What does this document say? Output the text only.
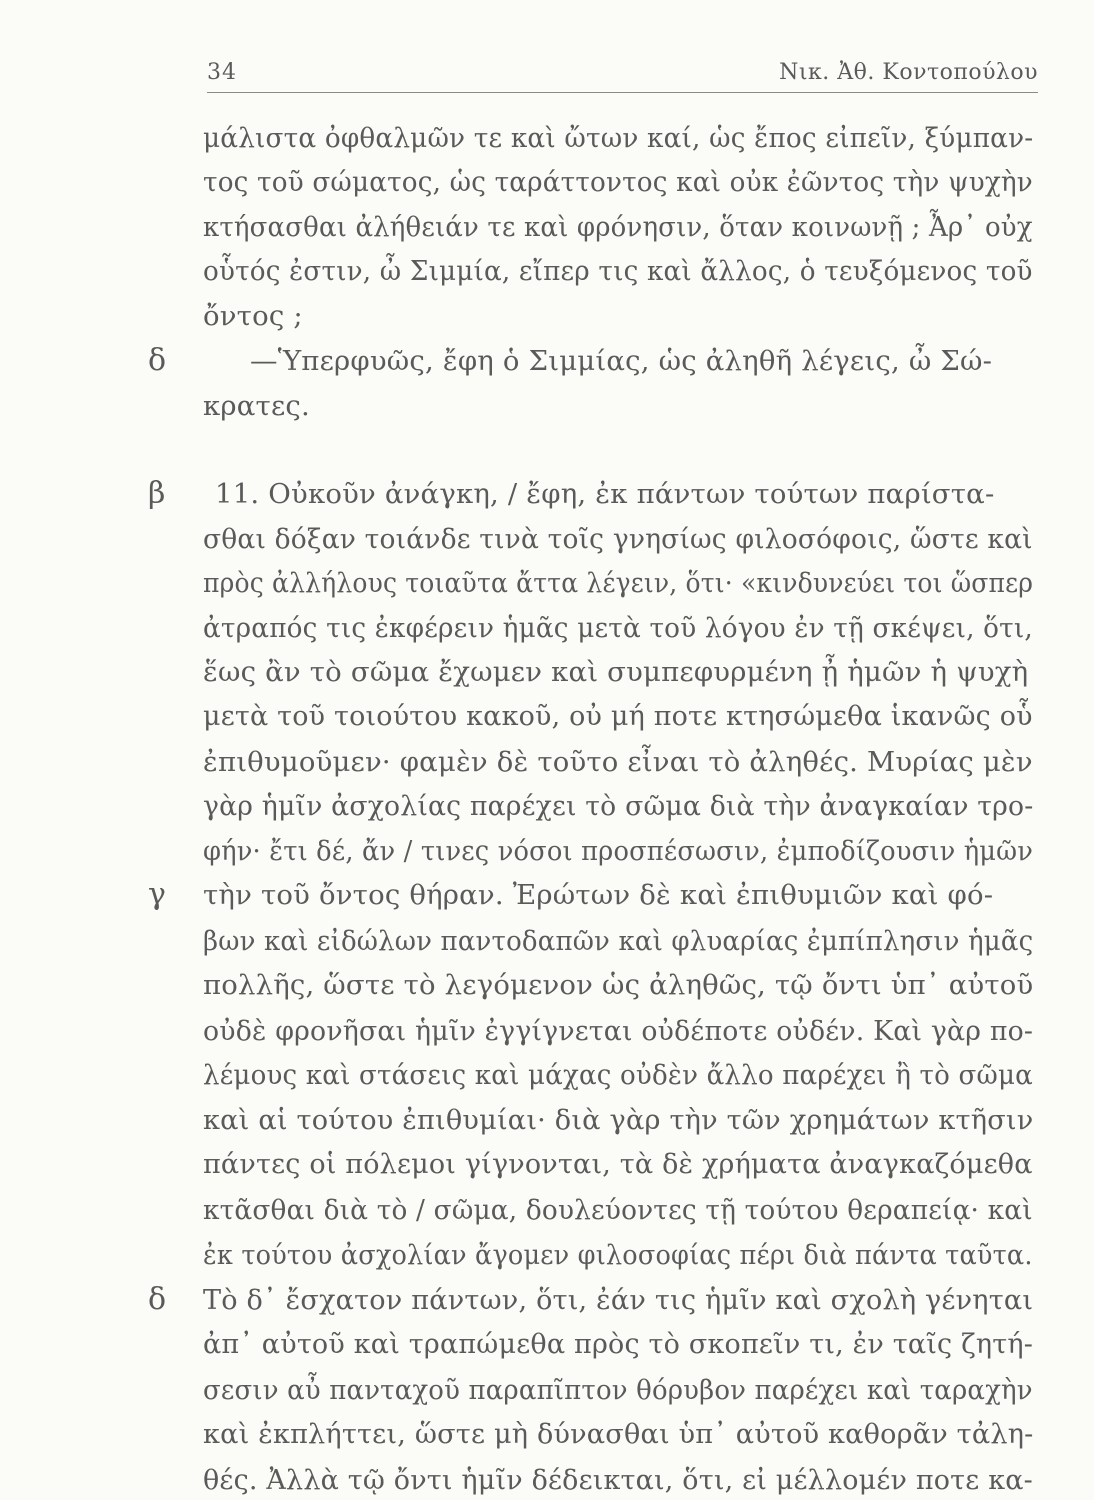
34	Νικ. Ἀθ. Κοντοπούλου
δ
β
γ
δ
μάλιστα ὀφθαλμῶν τε καὶ ὤτων καί, ὡς ἔπος εἰπεῖν, ξύμπαν-
τος τοῦ σώματος, ὡς ταράττοντος καὶ οὐκ ἐῶντος τὴν ψυχὴν
κτήσασθαι ἀλήθειάν τε καὶ φρόνησιν, ὅταν κοινωνῇ ; Ἆρ᾽ οὐχ
οὗτός ἐστιν, ὦ Σιμμία, εἴπερ τις καὶ ἄλλος, ὁ τευξόμενος τοῦ
ὄντος ;
—Ὑπερφυῶς, ἔφη ὁ Σιμμίας, ὡς ἀληθῆ λέγεις, ὦ Σώ-
κρατες.
11. Οὐκοῦν ἀνάγκη, / ἔφη, ἐκ πάντων τούτων παρίστα-
σθαι δόξαν τοιάνδε τινὰ τοῖς γνησίως φιλοσόφοις, ὥστε καὶ
πρὸς ἀλλήλους τοιαῦτα ἄττα λέγειν, ὅτι· «κινδυνεύει τοι ὥσπερ
ἀτραπός τις ἐκφέρειν ἡμᾶς μετὰ τοῦ λόγου ἐν τῇ σκέψει, ὅτι,
ἕως ἂν τὸ σῶμα ἔχωμεν καὶ συμπεφυρμένη ᾖ ἡμῶν ἡ ψυχὴ
μετὰ τοῦ τοιούτου κακοῦ, οὐ μή ποτε κτησώμεθα ἱκανῶς οὗ
ἐπιθυμοῦμεν· φαμὲν δὲ τοῦτο εἶναι τὸ ἀληθές. Μυρίας μὲν
γὰρ ἡμῖν ἀσχολίας παρέχει τὸ σῶμα διὰ τὴν ἀναγκαίαν τρο-
φήν· ἔτι δέ, ἄν / τινες νόσοι προσπέσωσιν, ἐμποδίζουσιν ἡμῶν
τὴν τοῦ ὄντος θήραν. Ἐρώτων δὲ καὶ ἐπιθυμιῶν καὶ φό-
βων καὶ εἰδώλων παντοδαπῶν καὶ φλυαρίας ἐμπίπλησιν ἡμᾶς
πολλῆς, ὥστε τὸ λεγόμενον ὡς ἀληθῶς, τῷ ὄντι ὑπ᾽ αὐτοῦ
οὐδὲ φρονῆσαι ἡμῖν ἐγγίγνεται οὐδέποτε οὐδέν. Καὶ γὰρ πο-
λέμους καὶ στάσεις καὶ μάχας οὐδὲν ἄλλο παρέχει ἢ τὸ σῶμα
καὶ αἱ τούτου ἐπιθυμίαι· διὰ γὰρ τὴν τῶν χρημάτων κτῆσιν
πάντες οἱ πόλεμοι γίγνονται, τὰ δὲ χρήματα ἀναγκαζόμεθα
κτᾶσθαι διὰ τὸ / σῶμα, δουλεύοντες τῇ τούτου θεραπείᾳ· καὶ
ἐκ τούτου ἀσχολίαν ἄγομεν φιλοσοφίας πέρι διὰ πάντα ταῦτα.
Τὸ δ᾽ ἔσχατον πάντων, ὅτι, ἐάν τις ἡμῖν καὶ σχολὴ γένηται
ἀπ᾽ αὐτοῦ καὶ τραπώμεθα πρὸς τὸ σκοπεῖν τι, ἐν ταῖς ζητή-
σεσιν αὖ πανταχοῦ παραπῖπτον θόρυβον παρέχει καὶ ταραχὴν
καὶ ἐκπλήττει, ὥστε μὴ δύνασθαι ὑπ᾽ αὐτοῦ καθορᾶν τἀλη-
θές. Ἀλλὰ τῷ ὄντι ἡμῖν δέδεικται, ὅτι, εἰ μέλλομέν ποτε κα-
